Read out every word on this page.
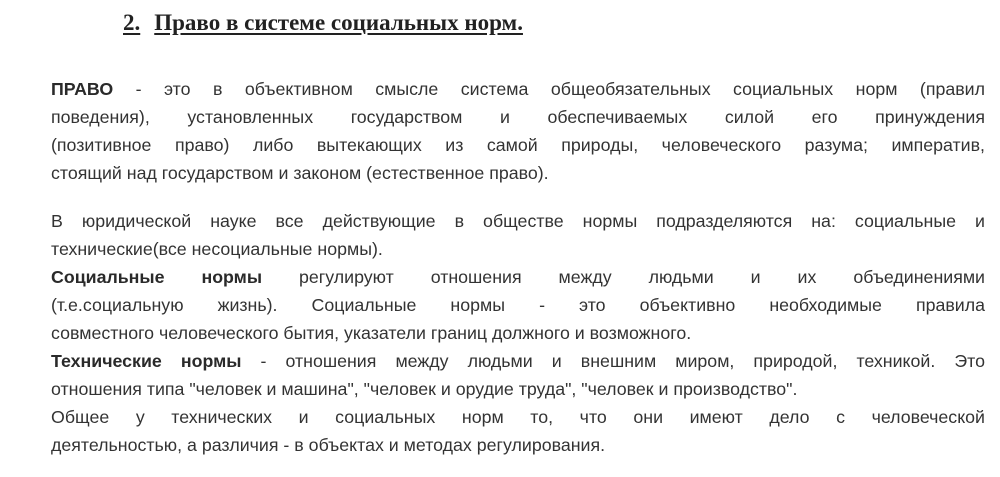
2. Право в системе социальных норм.
ПРАВО - это в объективном смысле система общеобязательных социальных норм (правил
поведения), установленных государством и обеспечиваемых силой его принуждения
(позитивное право) либо вытекающих из самой природы, человеческого разума; императив,
стоящий над государством и законом (естественное право).
В юридической науке все действующие в обществе нормы подразделяются на: социальные и
технические(все несоциальные нормы).
Социальные нормы регулируют отношения между людьми и их объединениями
(т.е.социальную жизнь). Социальные нормы - это объективно необходимые правила
совместного человеческого бытия, указатели границ должного и возможного.
Технические нормы - отношения между людьми и внешним миром, природой, техникой. Это
отношения типа "человек и машина", "человек и орудие труда", "человек и производство".
Общее у технических и социальных норм то, что они имеют дело с человеческой
деятельностью, а различия - в объектах и методах регулирования.
